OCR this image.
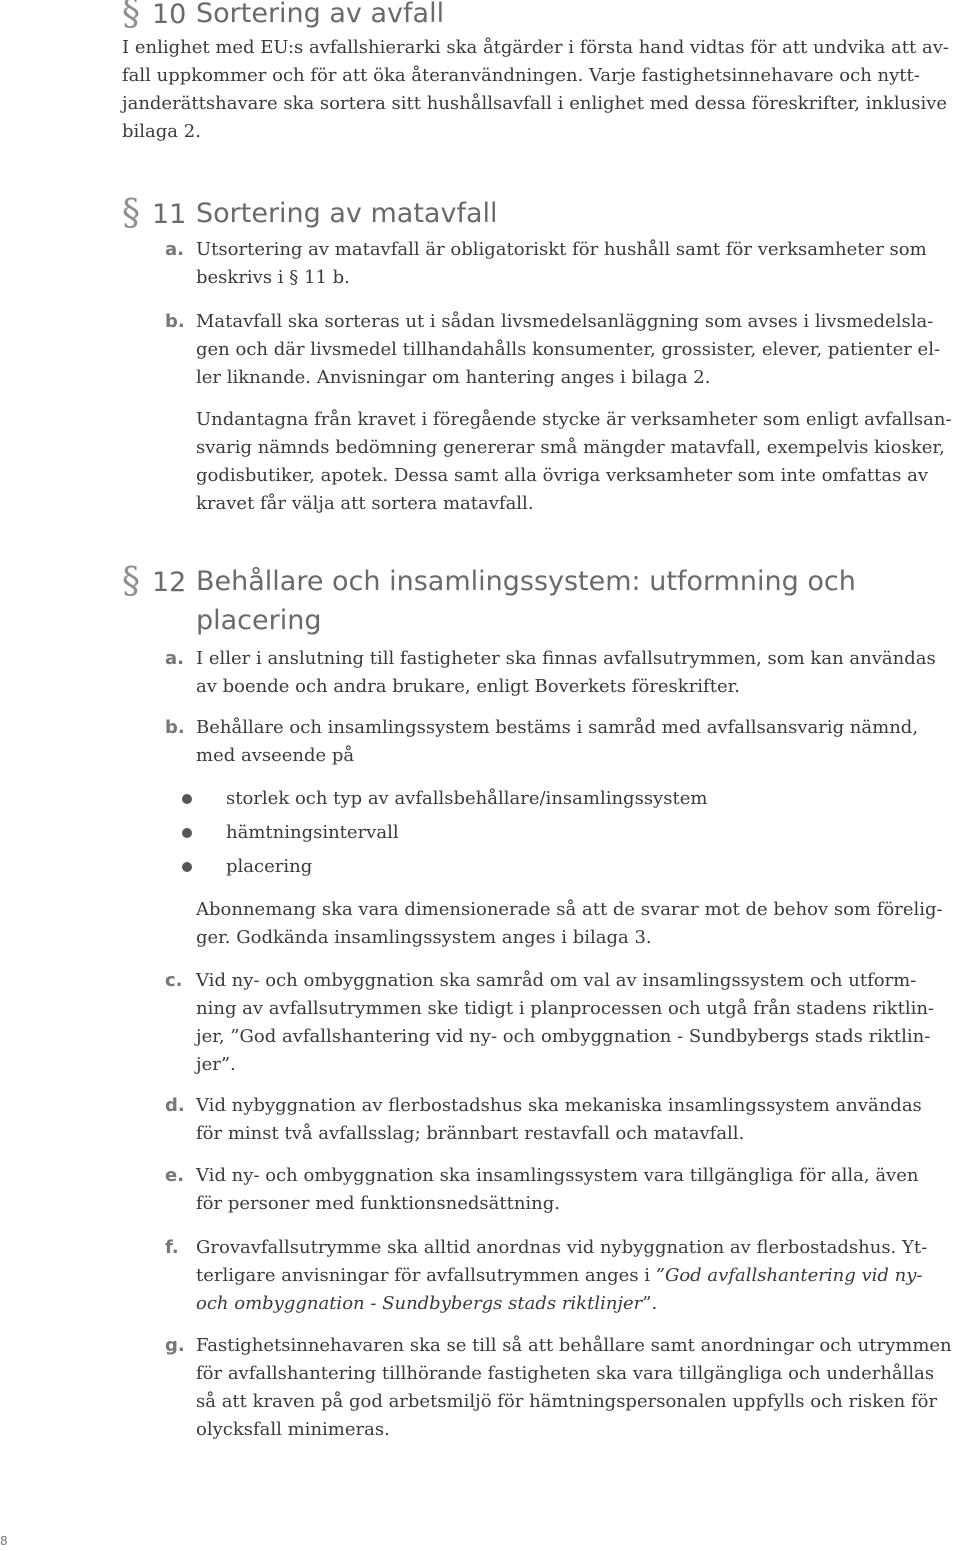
§ 10 Sortering av avfall

I enlighet med EU:s avfallshierarki ska åtgärder i första hand vidtas för att undvika att av-
fall uppkommer och för att öka återanvändningen. Varje fastighetsinnehavare och nytt-
janderättshavare ska sortera sitt hushållsavfall i enlighet med dessa föreskrifter, inklusive
bilaga 2.

§ 11 Sortering av matavfall
a. Utsortering av matavfall är obligatoriskt för hushåll samt för verksamheter som
beskrivs i § 11 b.

b. Matavfall ska sorteras ut i sådan livsmedelsanläggning som avses i livsmedelsla-
gen och där livsmedel tillhandahålls konsumenter, grossister, elever, patienter el-
ler liknande. Anvisningar om hantering anges i bilaga 2.

Undantagna från kravet i föregående stycke är verksamheter som enligt avfallsan-
svarig nämnds bedömning genererar små mängder matavfall, exempelvis kiosker,
godisbutiker, apotek. Dessa samt alla övriga verksamheter som inte omfattas av
kravet får välja att sortera matavfall.

§ 12 Behållare och insamlingssystem: utformning och
placering
a. I eller i anslutning till fastigheter ska finnas avfallsutrymmen, som kan användas
av boende och andra brukare, enligt Boverkets föreskrifter.

b. Behållare och insamlingssystem bestäms i samråd med avfallsansvarig nämnd,
med avseende på

storlek och typ av avfallsbehållare/insamlingssystem
hämtningsintervall
placering

Abonnemang ska vara dimensionerade så att de svarar mot de behov som förelig-
ger. Godkända insamlingssystem anges i bilaga 3.

c. Vid ny- och ombyggnation ska samråd om val av insamlingssystem och utform-
ning av avfallsutrymmen ske tidigt i planprocessen och utgå från stadens riktlin-
jer, ”God avfallshantering vid ny- och ombyggnation - Sundbybergs stads riktlin-
jer”.

d. Vid nybyggnation av flerbostadshus ska mekaniska insamlingssystem användas
för minst två avfallsslag; brännbart restavfall och matavfall.

e. Vid ny- och ombyggnation ska insamlingssystem vara tillgängliga för alla, även
för personer med funktionsnedsättning.

f. Grovavfallsutrymme ska alltid anordnas vid nybyggnation av flerbostadshus. Yt-
terligare anvisningar för avfallsutrymmen anges i ”God avfallshantering vid ny-
och ombyggnation - Sundbybergs stads riktlinjer”.

g. Fastighetsinnehavaren ska se till så att behållare samt anordningar och utrymmen
för avfallshantering tillhörande fastigheten ska vara tillgängliga och underhållas
så att kraven på god arbetsmiljö för hämtningspersonalen uppfylls och risken för
olycksfall minimeras.

8
